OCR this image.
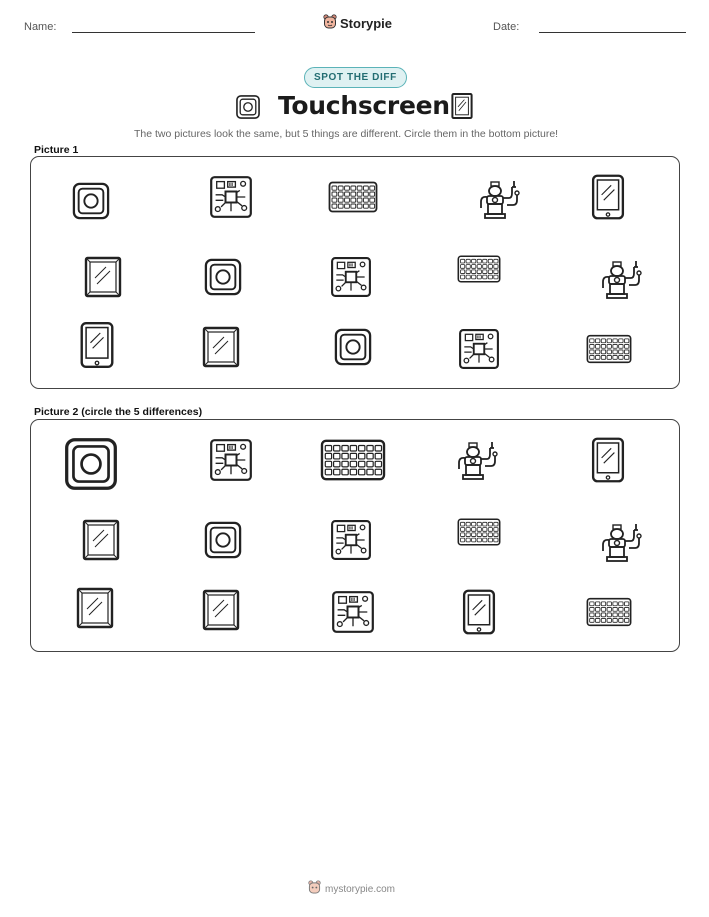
Name:	Storypie	Date:
SPOT THE DIFF
Touchscreen
The two pictures look the same, but 5 things are different. Circle them in the bottom picture!
Picture 1
Picture 2 (circle the 5 differences)
mystorypie.com
